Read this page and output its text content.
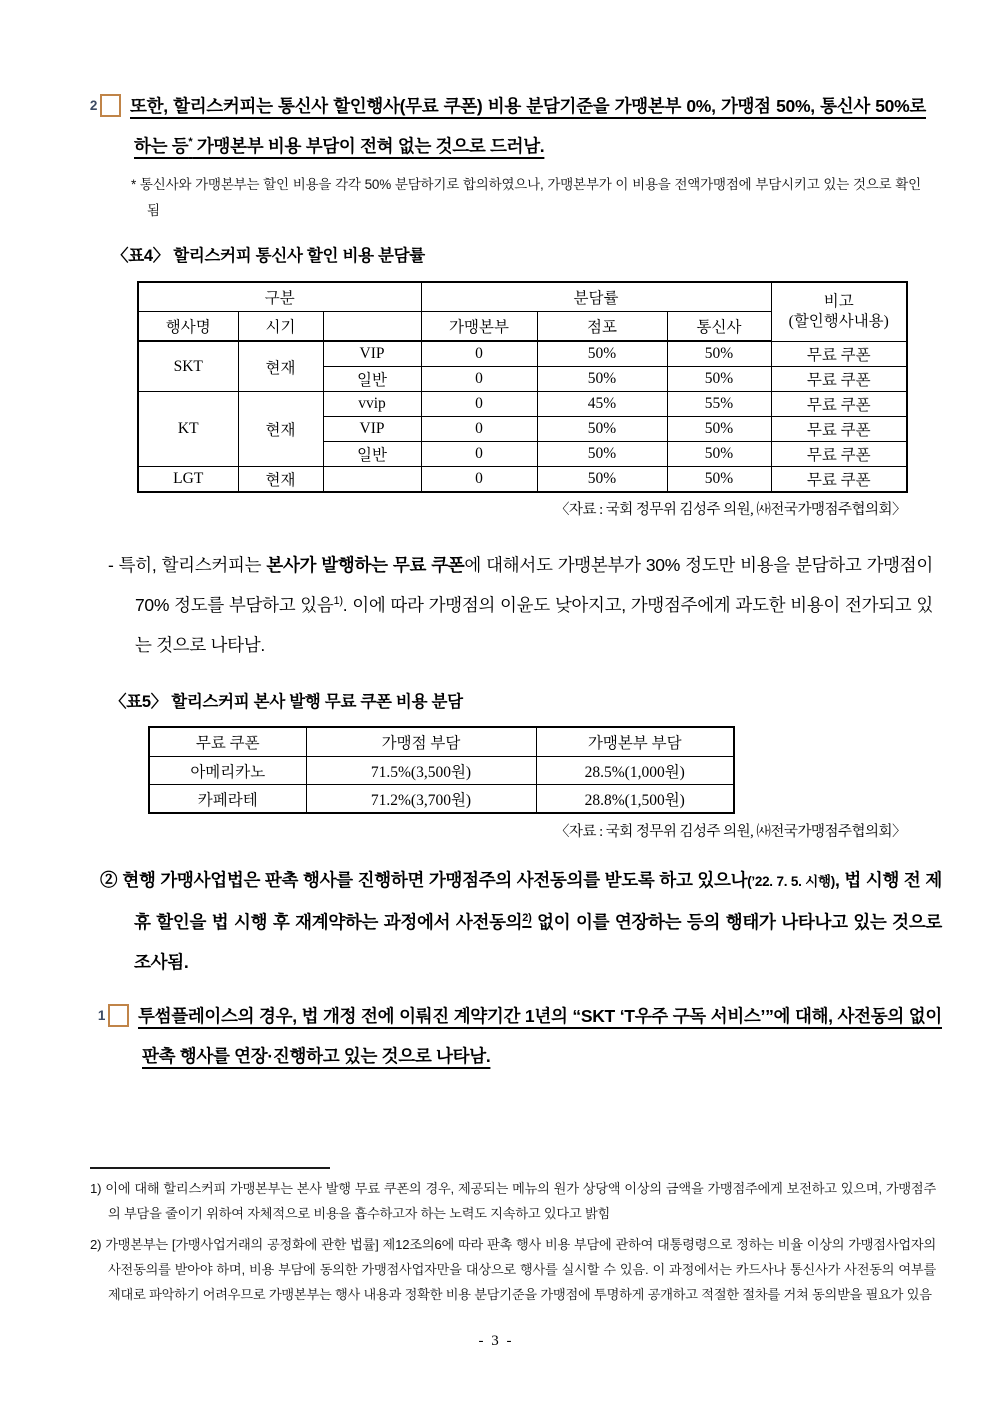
2 또한, 할리스커피는 통신사 할인행사(무료 쿠폰) 비용 분담기준을 가맹본부 0%, 가맹점 50%, 통신사 50%로 하는 등* 가맹본부 비용 부담이 전혀 없는 것으로 드러남.
* 통신사와 가맹본부는 할인 비용을 각각 50% 분담하기로 합의하였으나, 가맹본부가 이 비용을 전액가맹점에 부담시키고 있는 것으로 확인됨
〈표4〉 할리스커피 통신사 할인 비용 분담률
구분			분담률			비고
(할인행사내용)
행사명	시기		가맹본부	점포	통신사	
SKT	현재	VIP	0	50%	50%	무료 쿠폰
		일반	0	50%	50%	무료 쿠폰
KT	현재	vvip	0	45%	55%	무료 쿠폰
		VIP	0	50%	50%	무료 쿠폰
		일반	0	50%	50%	무료 쿠폰
LGT	현재		0	50%	50%	무료 쿠폰
〈자료 : 국회 정무위 김성주 의원, ㈔전국가맹점주협의회〉
- 특히, 할리스커피는 본사가 발행하는 무료 쿠폰에 대해서도 가맹본부가 30% 정도만 비용을 분담하고 가맹점이 70% 정도를 부담하고 있음$^{1)}$. 이에 따라 가맹점의 이윤도 낮아지고, 가맹점주에게 과도한 비용이 전가되고 있는 것으로 나타남.
〈표5〉 할리스커피 본사 발행 무료 쿠폰 비용 분담
무료 쿠폰	가맹점 부담	가맹본부 부담
아메리카노	71.5%(3,500원)	28.5%(1,000원)
카페라테	71.2%(3,700원)	28.8%(1,500원)
〈자료 : 국회 정무위 김성주 의원, ㈔전국가맹점주협의회〉
② 현행 가맹사업법은 판촉 행사를 진행하면 가맹점주의 사전동의를 받도록 하고 있으나(’22. 7. 5. 시행), 법 시행 전 제휴 할인을 법 시행 후 재계약하는 과정에서 사전동의$^{2)}$ 없이 이를 연장하는 등의 행태가 나타나고 있는 것으로 조사됨.
1 투썸플레이스의 경우, 법 개정 전에 이뤄진 계약기간 1년의 “SKT ‘T우주 구독 서비스’”에 대해, 사전동의 없이 판촉 행사를 연장·진행하고 있는 것으로 나타남.
1) 이에 대해 할리스커피 가맹본부는 본사 발행 무료 쿠폰의 경우, 제공되는 메뉴의 원가 상당액 이상의 금액을 가맹점주에게 보전하고 있으며, 가맹점주의 부담을 줄이기 위하여 자체적으로 비용을 흡수하고자 하는 노력도 지속하고 있다고 밝힘
2) 가맹본부는 [가맹사업거래의 공정화에 관한 법률] 제12조의6에 따라 판촉 행사 비용 부담에 관하여 대통령령으로 정하는 비율 이상의 가맹점사업자의 사전동의를 받아야 하며, 비용 부담에 동의한 가맹점사업자만을 대상으로 행사를 실시할 수 있음. 이 과정에서는 카드사나 통신사가 사전동의 여부를 제대로 파악하기 어려우므로 가맹본부는 행사 내용과 정확한 비용 분담기준을 가맹점에 투명하게 공개하고 적절한 절차를 거쳐 동의받을 필요가 있음
- 3 -
